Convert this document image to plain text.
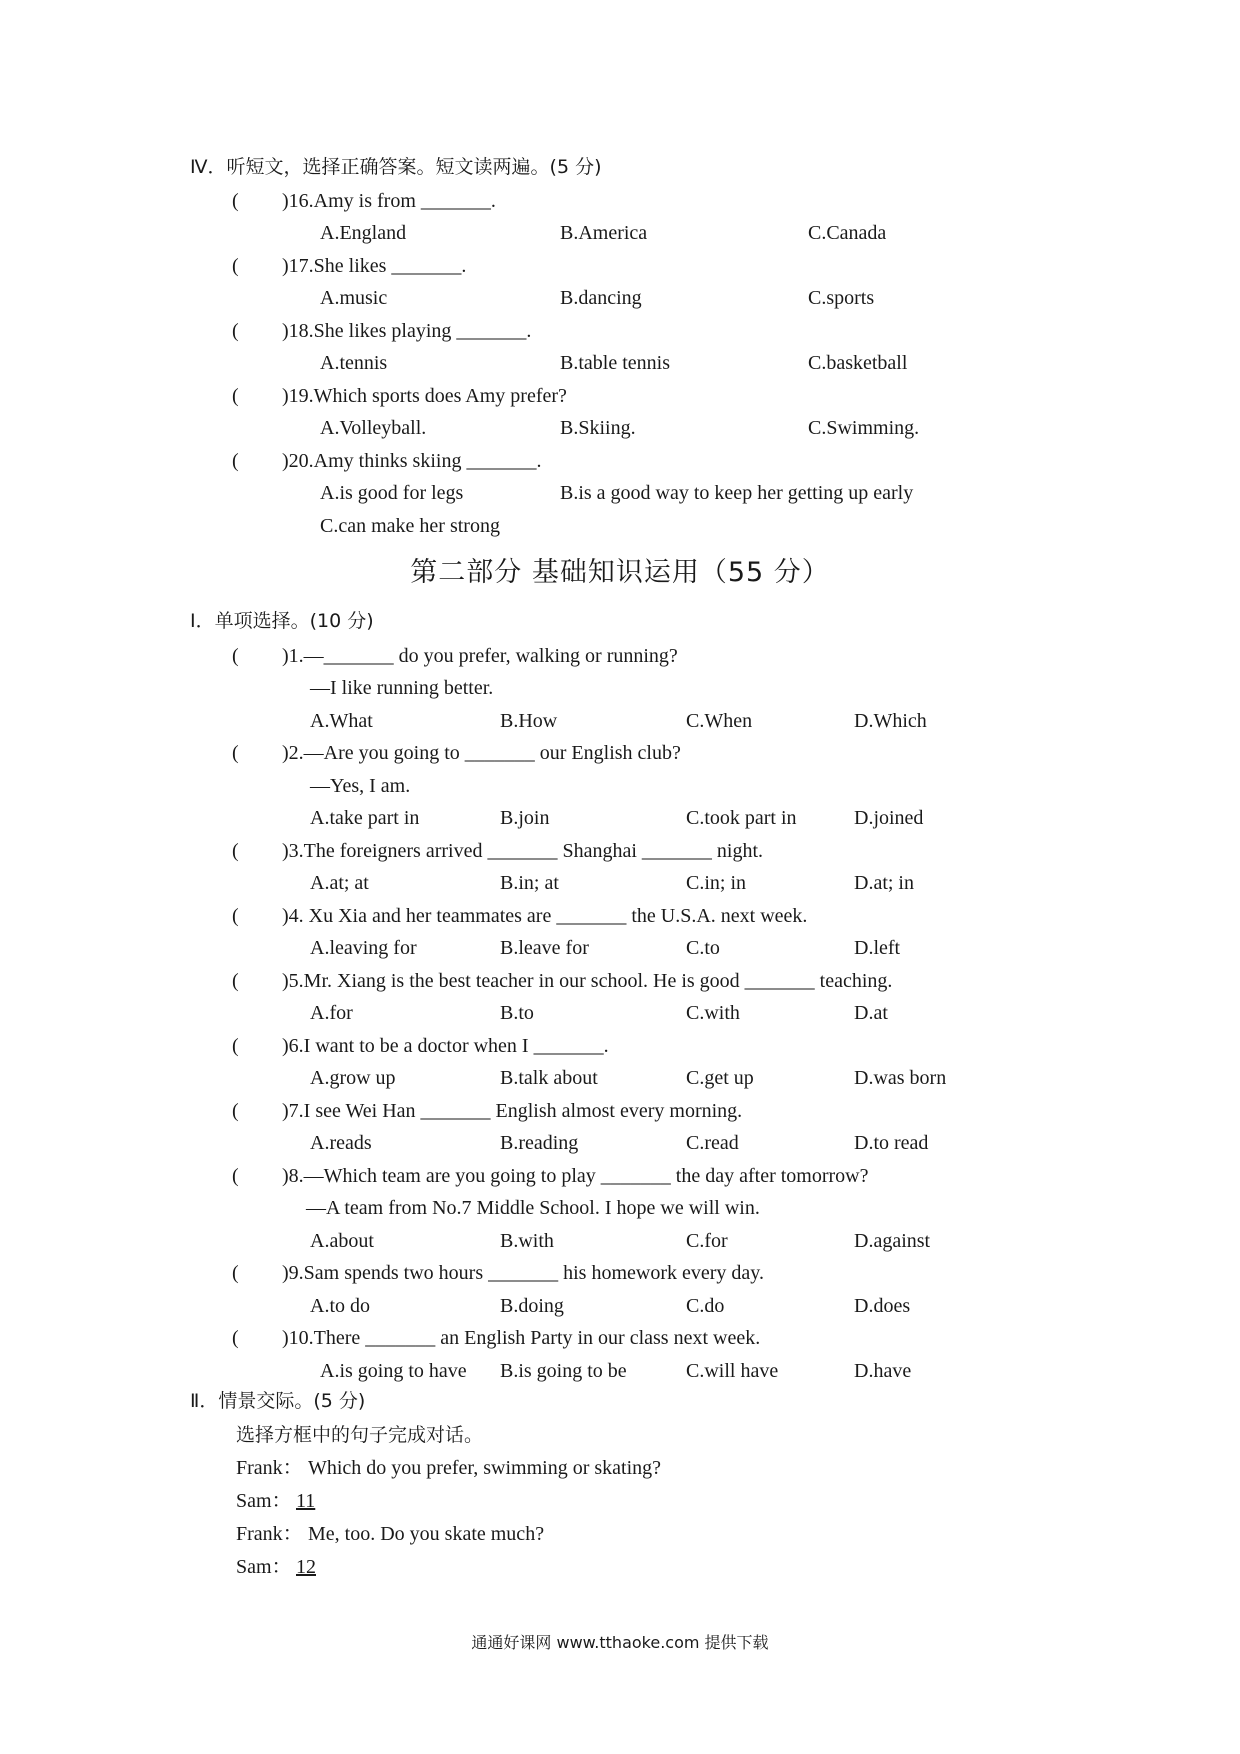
Ⅳ．听短文，选择正确答案。短文读两遍。(5 分)
( )16.Amy is from _______.
A.England	B.America	C.Canada
( )17.She likes _______.
A.music	B.dancing	C.sports
( )18.She likes playing _______.
A.tennis	B.table tennis	C.basketball
( )19.Which sports does Amy prefer?
A.Volleyball.	B.Skiing.	C.Swimming.
( )20.Amy thinks skiing _______.
A.is good for legs	B.is a good way to keep her getting up early
C.can make her strong
第二部分 基础知识运用（55 分）
Ⅰ．单项选择。(10 分)
( )1.—_______ do you prefer, walking or running?
—I like running better.
A.What	B.How	C.When	D.Which
( )2.—Are you going to _______ our English club?
—Yes, I am.
A.take part in	B.join	C.took part in	D.joined
( )3.The foreigners arrived _______ Shanghai _______ night.
A.at; at	B.in; at	C.in; in	D.at; in
( )4. Xu Xia and her teammates are _______ the U.S.A. next week.
A.leaving for	B.leave for	C.to	D.left
( )5.Mr. Xiang is the best teacher in our school. He is good _______ teaching.
A.for	B.to	C.with	D.at
( )6.I want to be a doctor when I _______.
A.grow up	B.talk about	C.get up	D.was born
( )7.I see Wei Han _______ English almost every morning.
A.reads	B.reading	C.read	D.to read
( )8.—Which team are you going to play _______ the day after tomorrow?
—A team from No.7 Middle School. I hope we will win.
A.about	B.with	C.for	D.against
( )9.Sam spends two hours _______ his homework every day.
A.to do	B.doing	C.do	D.does
( )10.There _______ an English Party in our class next week.
A.is going to have B.is going to be	C.will have	D.have
Ⅱ．情景交际。(5 分)
选择方框中的句子完成对话。
Frank： Which do you prefer, swimming or skating?
Sam： 11
Frank： Me, too. Do you skate much?
Sam： 12
通通好课网 www.tthaoke.com 提供下载
